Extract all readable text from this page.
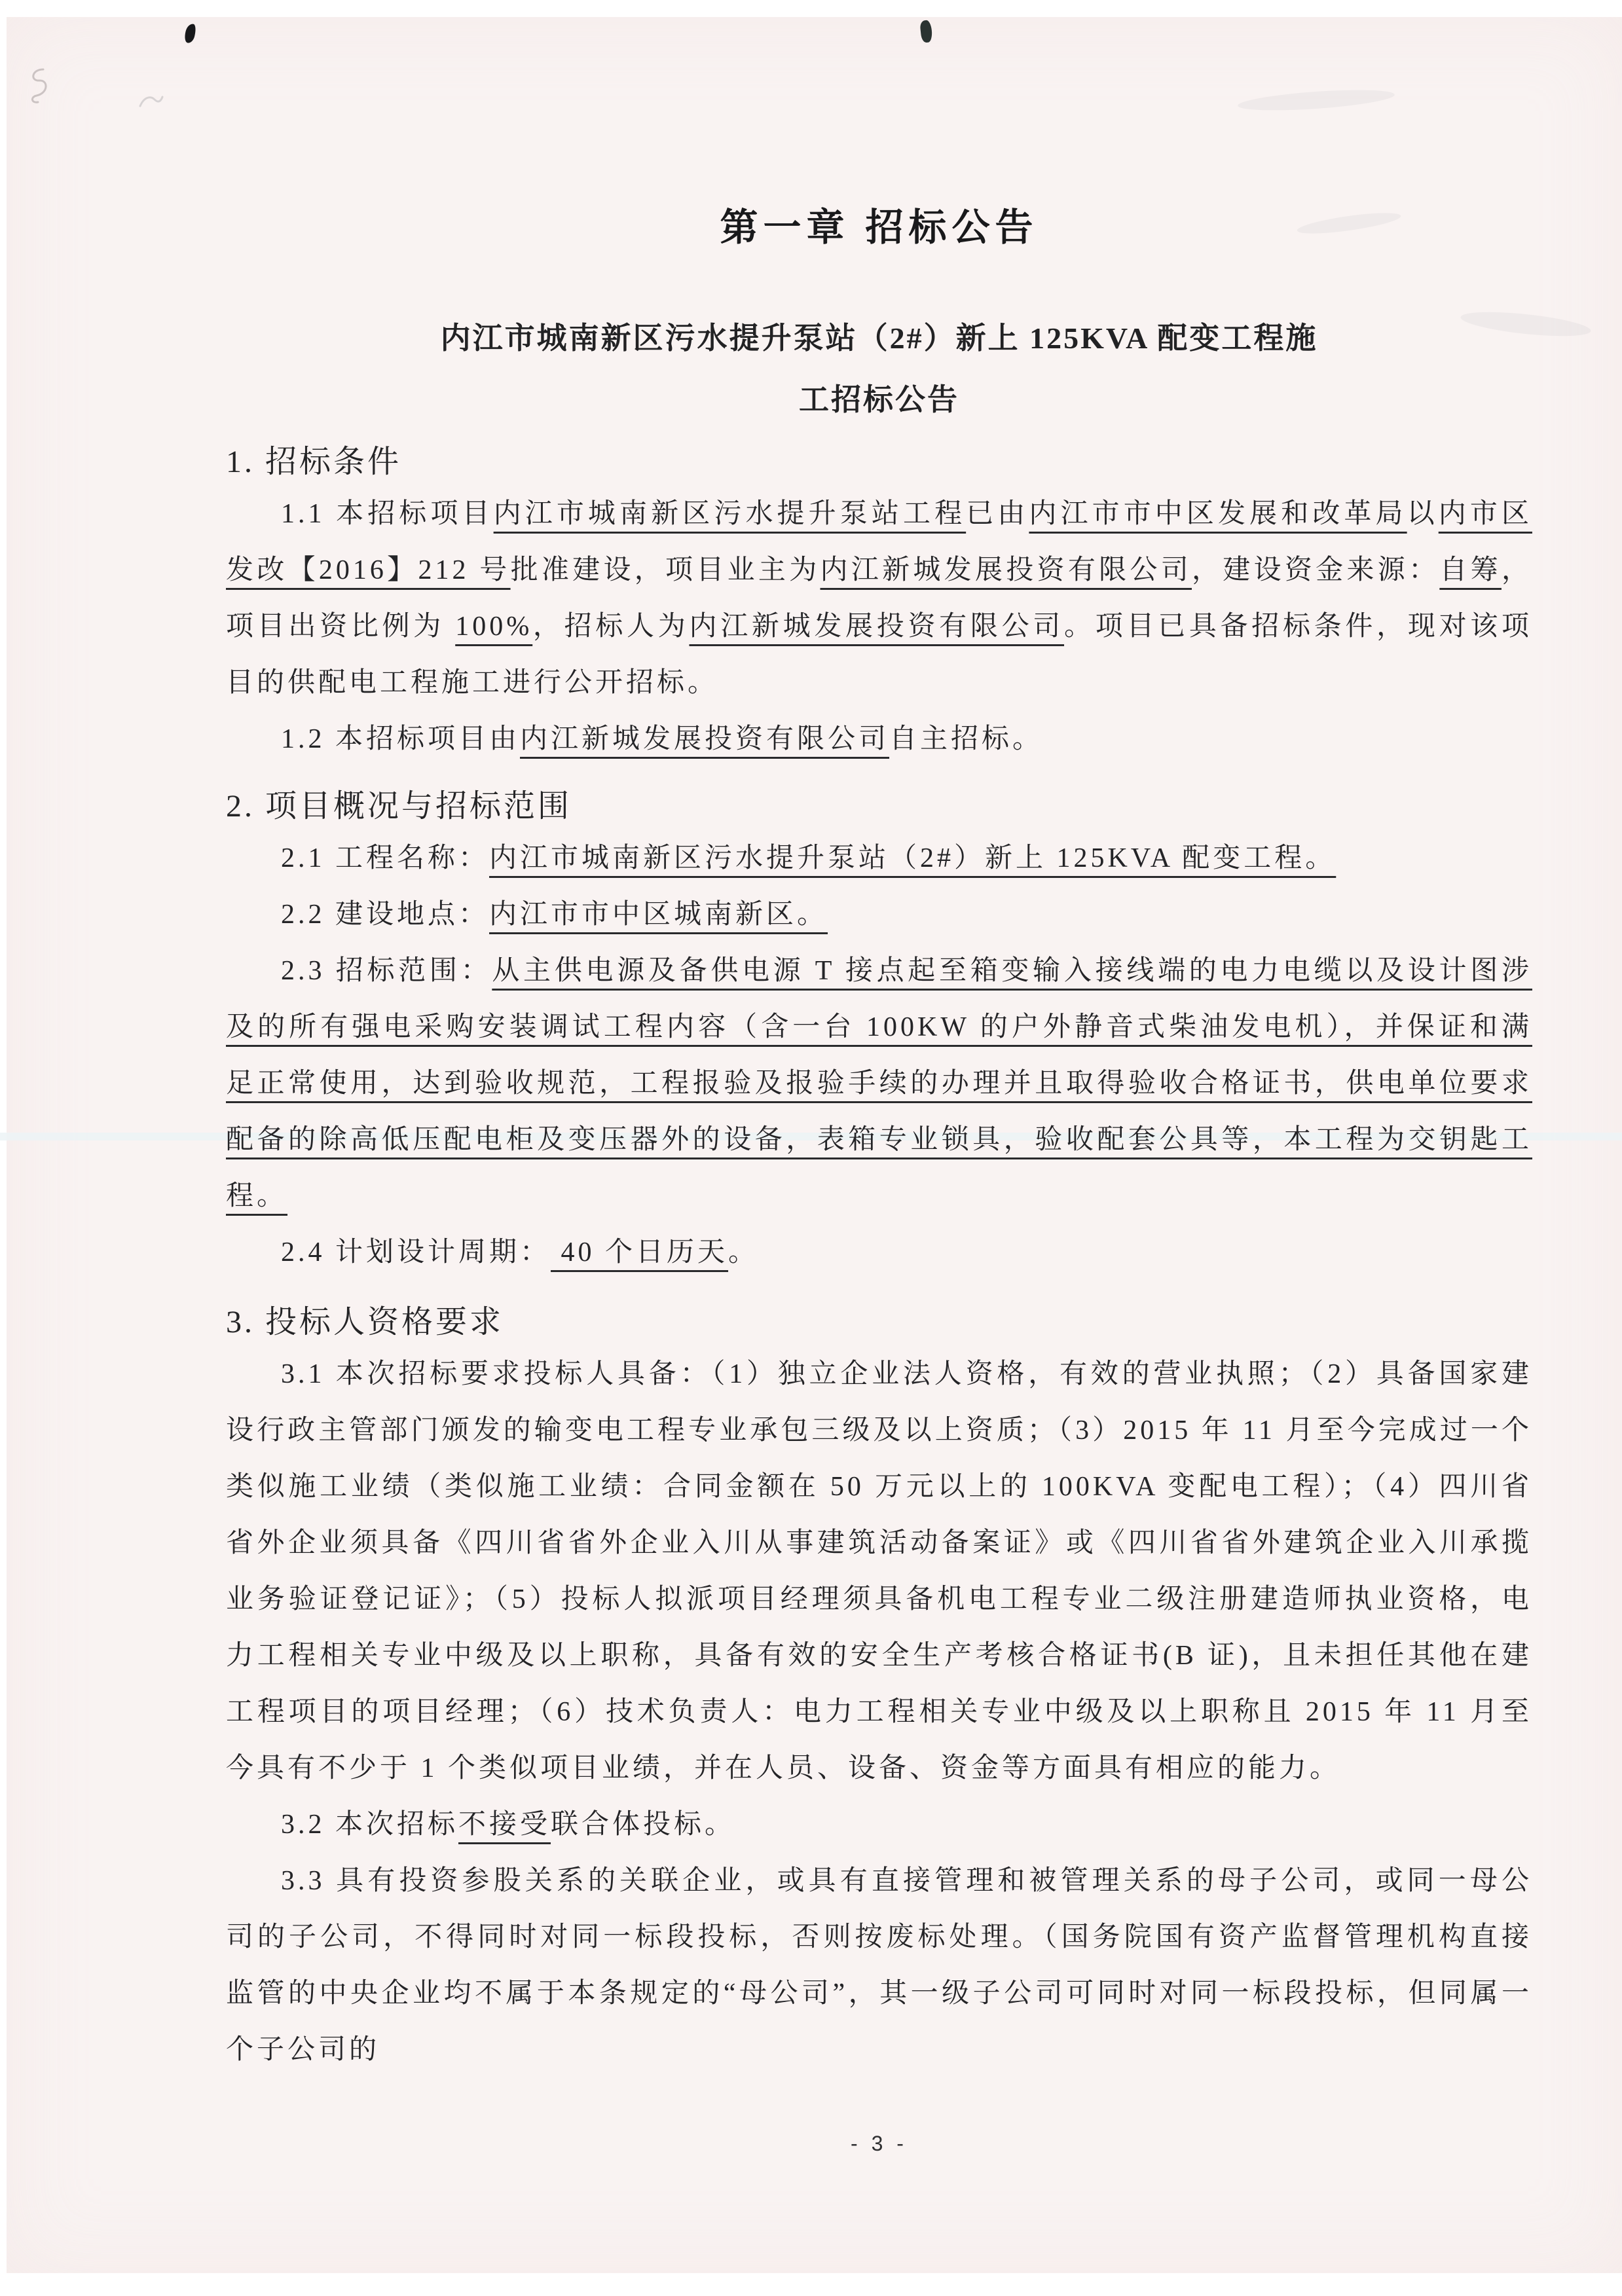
第一章 招标公告
内江市城南新区污水提升泵站（2#）新上 125KVA 配变工程施
工招标公告
1. 招标条件

1.1 本招标项目内江市城南新区污水提升泵站工程已由内江市市中区发展和改革局以内市区发改【2016】212 号批准建设，项目业主为内江新城发展投资有限公司，建设资金来源：自筹，项目出资比例为 100%，招标人为内江新城发展投资有限公司。项目已具备招标条件，现对该项目的供配电工程施工进行公开招标。

1.2 本招标项目由内江新城发展投资有限公司自主招标。

2. 项目概况与招标范围

2.1 工程名称：内江市城南新区污水提升泵站（2#）新上 125KVA 配变工程。

2.2 建设地点：内江市市中区城南新区。

2.3 招标范围：从主供电源及备供电源 T 接点起至箱变输入接线端的电力电缆以及设计图涉及的所有强电采购安装调试工程内容（含一台 100KW 的户外静音式柴油发电机），并保证和满足正常使用，达到验收规范，工程报验及报验手续的办理并且取得验收合格证书，供电单位要求配备的除高低压配电柜及变压器外的设备，表箱专业锁具，验收配套公具等，本工程为交钥匙工程。

2.4 计划设计周期： 40 个日历天。

3. 投标人资格要求

3.1 本次招标要求投标人具备：（1）独立企业法人资格，有效的营业执照；（2）具备国家建设行政主管部门颁发的输变电工程专业承包三级及以上资质；（3）2015 年 11 月至今完成过一个类似施工业绩（类似施工业绩：合同金额在 50 万元以上的 100KVA 变配电工程）；（4）四川省省外企业须具备《四川省省外企业入川从事建筑活动备案证》或《四川省省外建筑企业入川承揽业务验证登记证》；（5）投标人拟派项目经理须具备机电工程专业二级注册建造师执业资格，电力工程相关专业中级及以上职称，具备有效的安全生产考核合格证书(B 证)，且未担任其他在建工程项目的项目经理；（6）技术负责人：电力工程相关专业中级及以上职称且 2015 年 11 月至今具有不少于 1 个类似项目业绩，并在人员、设备、资金等方面具有相应的能力。

3.2 本次招标不接受联合体投标。

3.3 具有投资参股关系的关联企业，或具有直接管理和被管理关系的母子公司，或同一母公司的子公司，不得同时对同一标段投标，否则按废标处理。（国务院国有资产监督管理机构直接监管的中央企业均不属于本条规定的“母公司”，其一级子公司可同时对同一标段投标，但同属一个子公司的

- 3 -
